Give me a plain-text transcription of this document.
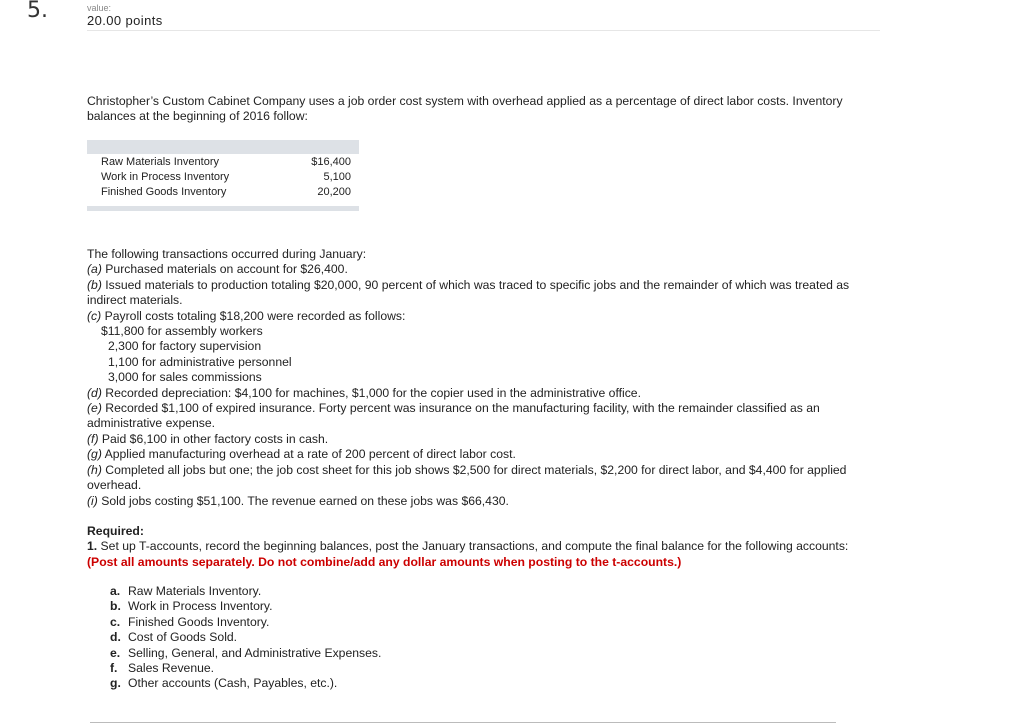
5.	value:
20.00 points

Christopher’s Custom Cabinet Company uses a job order cost system with overhead applied as a percentage of direct labor costs. Inventory balances at the beginning of 2016 follow:

Raw Materials Inventory	$16,400
Work in Process Inventory	5,100
Finished Goods Inventory	20,200
The following transactions occurred during January:
(a) Purchased materials on account for $26,400.
(b) Issued materials to production totaling $20,000, 90 percent of which was traced to specific jobs and the remainder of which was treated as indirect materials.
(c) Payroll costs totaling $18,200 were recorded as follows:
$11,800 for assembly workers
2,300 for factory supervision
1,100 for administrative personnel
3,000 for sales commissions
(d) Recorded depreciation: $4,100 for machines, $1,000 for the copier used in the administrative office.
(e) Recorded $1,100 of expired insurance. Forty percent was insurance on the manufacturing facility, with the remainder classified as an administrative expense.
(f) Paid $6,100 in other factory costs in cash.
(g) Applied manufacturing overhead at a rate of 200 percent of direct labor cost.
(h) Completed all jobs but one; the job cost sheet for this job shows $2,500 for direct materials, $2,200 for direct labor, and $4,400 for applied overhead.
(i) Sold jobs costing $51,100. The revenue earned on these jobs was $66,430.
Required:
1. Set up T-accounts, record the beginning balances, post the January transactions, and compute the final balance for the following accounts: (Post all amounts separately. Do not combine/add any dollar amounts when posting to the t-accounts.)
a. Raw Materials Inventory.
b. Work in Process Inventory.
c. Finished Goods Inventory.
d. Cost of Goods Sold.
e. Selling, General, and Administrative Expenses.
f. Sales Revenue.
g. Other accounts (Cash, Payables, etc.).
